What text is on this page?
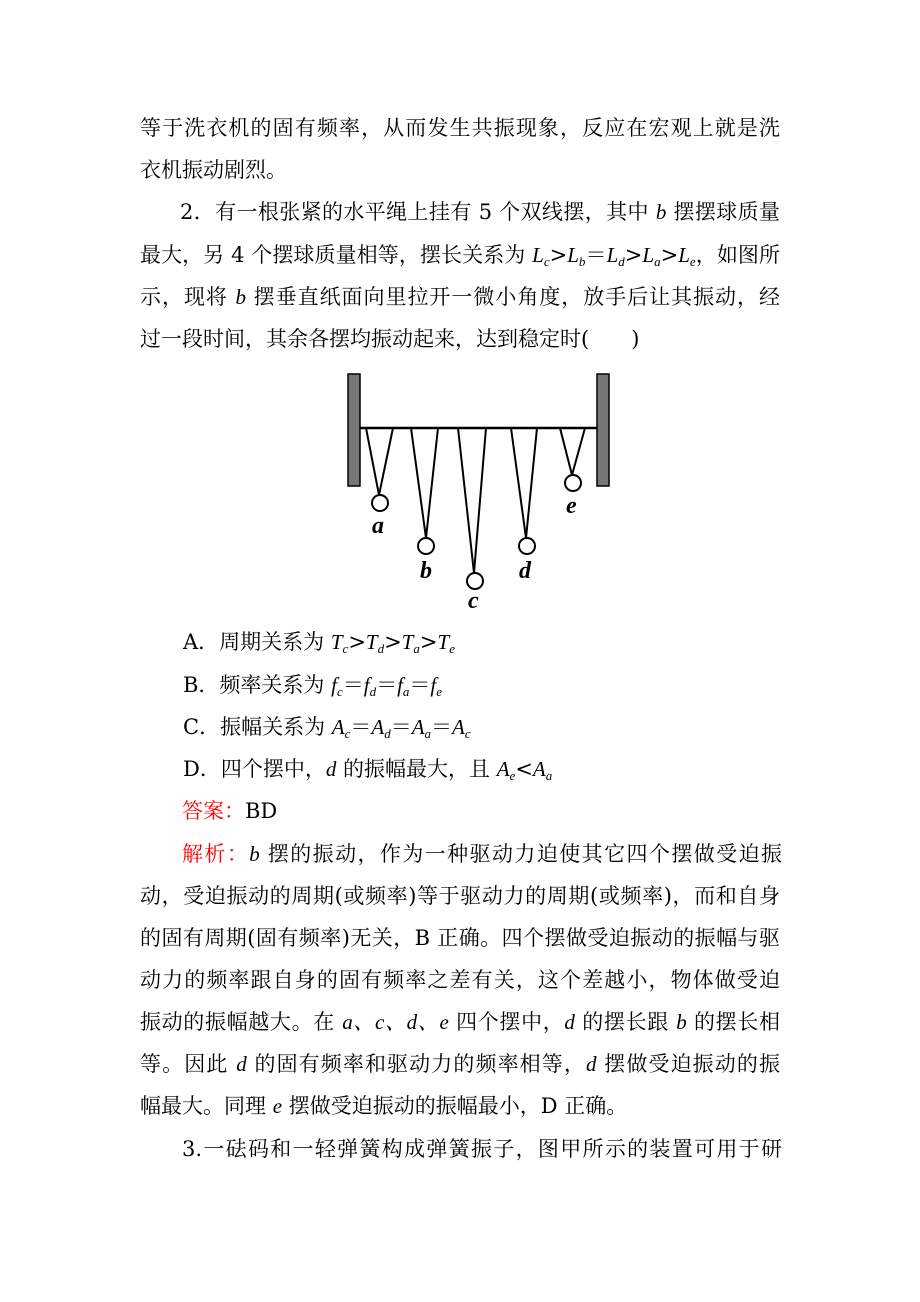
等于洗衣机的固有频率，从而发生共振现象，反应在宏观上就是洗
衣机振动剧烈。
2．有一根张紧的水平绳上挂有 5 个双线摆，其中 b 摆摆球质量
最大，另 4 个摆球质量相等，摆长关系为 $L_c>L_b=L_d>L_a>L_e$，如图所
示，现将 b 摆垂直纸面向里拉开一微小角度，放手后让其振动，经
过一段时间，其余各摆均振动起来，达到稳定时(　　)
a
b
c
d
e
A．周期关系为 $T_c>T_d>T_a>T_e$
B．频率关系为 $f_c=f_d=f_a=f_e$
C．振幅关系为 $A_c=A_d=A_a=A_c$
D．四个摆中，d 的振幅最大，且 $A_e<A_a$
答案：BD
解析：b 摆的振动，作为一种驱动力迫使其它四个摆做受迫振
动，受迫振动的周期(或频率)等于驱动力的周期(或频率)，而和自身
的固有周期(固有频率)无关，B 正确。四个摆做受迫振动的振幅与驱
动力的频率跟自身的固有频率之差有关，这个差越小，物体做受迫
振动的振幅越大。在 a、c、d、e 四个摆中，d 的摆长跟 b 的摆长相
等。因此 d 的固有频率和驱动力的频率相等，d 摆做受迫振动的振
幅最大。同理 e 摆做受迫振动的振幅最小，D 正确。
3.一砝码和一轻弹簧构成弹簧振子，图甲所示的装置可用于研
